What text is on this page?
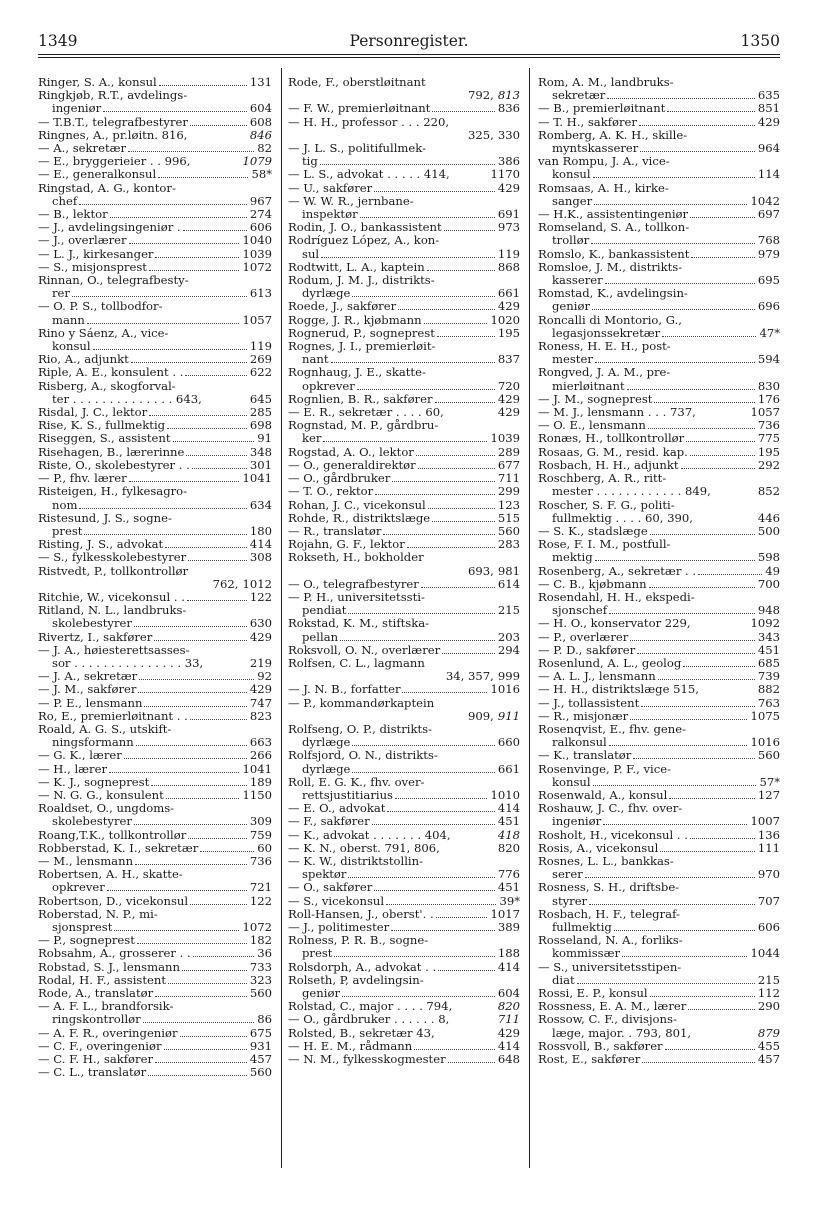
1349	Personregister.	1350
Ringer, S. A., konsul	131
Ringkjøb, R.T., avdelings-
ingeniør	604
— T.B.T., telegrafbestyrer	608
Ringnes, A., pr.løitn. 816,	846
— A., sekretær	82
— E., bryggerieier . . 996,	1079
— E., generalkonsul	58*
Ringstad, A. G., kontor-
chef	967
— B., lektor	274
— J., avdelingsingeniør .	606
— J., overlærer	1040
— L. J., kirkesanger	1039
— S., misjonsprest	1072
Rinnan, O., telegrafbesty-
rer	613
— O. P. S., tollbodfor-
mann	1057
Rino y Sáenz, A., vice-
konsul	119
Rio, A., adjunkt	269
Riple, A. E., konsulent . .	622
Risberg, A., skogforval-
ter . . . . . . . . . . . . . . 643,	645
Risdal, J. C., lektor	285
Rise, K. S., fullmektig	698
Riseggen, S., assistent	91
Risehagen, B., lærerinne	348
Riste, O., skolebestyrer . .	301
— P., fhv. lærer	1041
Risteigen, H., fylkesagro-
nom	634
Ristesund, J. S., sogne-
prest	180
Risting, J. S., advokat	414
— S., fylkesskolebestyrer	308
Ristvedt, P., tollkontrollør
762, 1012
Ritchie, W., vicekonsul . .	122
Ritland, N. L., landbruks-
skolebestyrer	630
Rivertz, I., sakfører	429
— J. A., høiesterettsasses-
sor . . . . . . . . . . . . . . . 33,	219
— J. A., sekretær	92
— J. M., sakfører	429
— P. E., lensmann	747
Ro, E., premierløitnant . .	823
Roald, A. G. S., utskift-
ningsformann	663
— G. K., lærer	266
— H., lærer	1041
— K. J., sogneprest	189
— N. G. G., konsulent	1150
Roaldset, O., ungdoms-
skolebestyrer	309
Roang,T.K., tollkontrollør	759
Robberstad, K. I., sekretær	60
— M., lensmann	736
Robertsen, A. H., skatte-
opkrever	721
Robertson, D., vicekonsul	122
Roberstad, N. P., mi-
sjonsprest	1072
— P., sogneprest	182
Robsahm, A., grosserer . .	36
Robstad, S. J., lensmann	733
Rodal, H. F., assistent	323
Rode, A., translatør	560
— A. F. L., brandforsik-
ringskontrollør	86
— A. F. R., overingeniør	675
— C. F., overingeniør	931
— C. F. H., sakfører	457
— C. L., translatør	560
Rode, F., oberstløitnant
792, 813
— F. W., premierløitnant	836
— H. H., professor . . . 220,
325, 330
— J. L. S., politifullmek-
tig	386
— L. S., advokat . . . . . 414,	1170
— U., sakfører	429
— W. W. R., jernbane-
inspektør	691
Rodin, J. O., bankassistent	973
Rodríguez López, A., kon-
sul	119
Rodtwitt, L. A., kaptein	868
Rodum, J. M. J., distrikts-
dyrlæge	661
Roede, J., sakfører	429
Rogge, J. R., kjøbmann	1020
Rognerud, P., sogneprest	195
Rognes, J. I., premierløit-
nant	837
Rognhaug, J. E., skatte-
opkrever	720
Rognlien, B. R., sakfører	429
— E. R., sekretær . . . . 60,	429
Rognstad, M. P., gårdbru-
ker	1039
Rogstad, A. O., lektor	289
— O., generaldirektør	677
— O., gårdbruker	711
— T. O., rektor	299
Rohan, J. C., vicekonsul	123
Rohde, R., distriktslæge	515
— R., translatør	560
Rojahn, G. F., lektor	283
Rokseth, H., bokholder
693, 981
— O., telegrafbestyrer	614
— P. H., universitetssti-
pendiat	215
Rokstad, K. M., stiftska-
pellan	203
Roksvoll, O. N., overlærer	294
Rolfsen, C. L., lagmann
34, 357, 999
— J. N. B., forfatter	1016
— P., kommandørkaptein
909, 911
Rolfseng, O. P., distrikts-
dyrlæge	660
Rolfsjord, O. N., distrikts-
dyrlæge	661
Roll, E. G. K., fhv. over-
rettsjustitiarius	1010
— E. O., advokat	414
— F., sakfører	451
— K., advokat . . . . . . . 404,	418
— K. N., oberst. 791, 806,	820
— K. W., distriktstollin-
spektør	776
— O., sakfører	451
— S., vicekonsul	39*
Roll-Hansen, J., oberst'. .	1017
— J., politimester	389
Rolness, P. R. B., sogne-
prest	188
Rolsdorph, A., advokat . .	414
Rolseth, P, avdelingsin-
geniør	604
Rolstad, C., major . . . . 794,	820
— O., gårdbruker . . . . . . 8,	711
Rolsted, B., sekretær 43,	429
— H. E. M., rådmann	414
— N. M., fylkesskogmester	648
Rom, A. M., landbruks-
sekretær	635
— B., premierløitnant	851
— T. H., sakfører	429
Romberg, A. K. H., skille-
myntskasserer	964
van Rompu, J. A., vice-
konsul	114
Romsaas, A. H., kirke-
sanger	1042
— H.K., assistentingeniør	697
Romseland, S. A., tollkon-
trollør	768
Romslo, K., bankassistent	979
Romsloe, J. M., distrikts-
kasserer	695
Romstad, K., avdelingsin-
geniør	696
Roncalli di Montorio, G.,
legasjonssekretær	47*
Roness, H. E. H., post-
mester	594
Rongved, J. A. M., pre-
mierløitnant	830
— J. M., sogneprest	176
— M. J., lensmann . . . 737,	1057
— O. E., lensmann	736
Ronæs, H., tollkontrollør	775
Rosaas, G. M., resid. kap.	195
Rosbach, H. H., adjunkt	292
Roschberg, A. R., ritt-
mester . . . . . . . . . . . . 849,	852
Roscher, S. F. G., politi-
fullmektig . . . . 60, 390,	446
— S. K., stadslæge	500
Rose, F. I. M., postfull-
mektig	598
Rosenberg, A., sekretær . .	49
— C. B., kjøbmann	700
Rosendahl, H. H., ekspedi-
sjonschef	948
— H. O., konservator 229,	1092
— P., overlærer	343
— P. D., sakfører	451
Rosenlund, A. L., geolog	685
— A. L. J., lensmann	739
— H. H., distriktslæge 515,	882
— J., tollassistent	763
— R., misjonær	1075
Rosenqvist, E., fhv. gene-
ralkonsul	1016
— K., translatør	560
Rosenvinge, P. F., vice-
konsul	57*
Rosenwald, A., konsul	127
Roshauw, J. C., fhv. over-
ingeniør	1007
Rosholt, H., vicekonsul . .	136
Rosis, A., vicekonsul	111
Rosnes, L. L., bankkas-
serer	970
Rosness, S. H., driftsbe-
styrer	707
Rosbach, H. F., telegraf-
fullmektig	606
Rosseland, N. A., forliks-
kommissær	1044
— S., universitetsstipen-
diat	215
Rossi, E. P., konsul	112
Rossness, E. A. M., lærer	290
Rossow, C. F., divisjons-
læge, major. . 793, 801,	879
Rossvoll, B., sakfører	455
Rost, E., sakfører	457
